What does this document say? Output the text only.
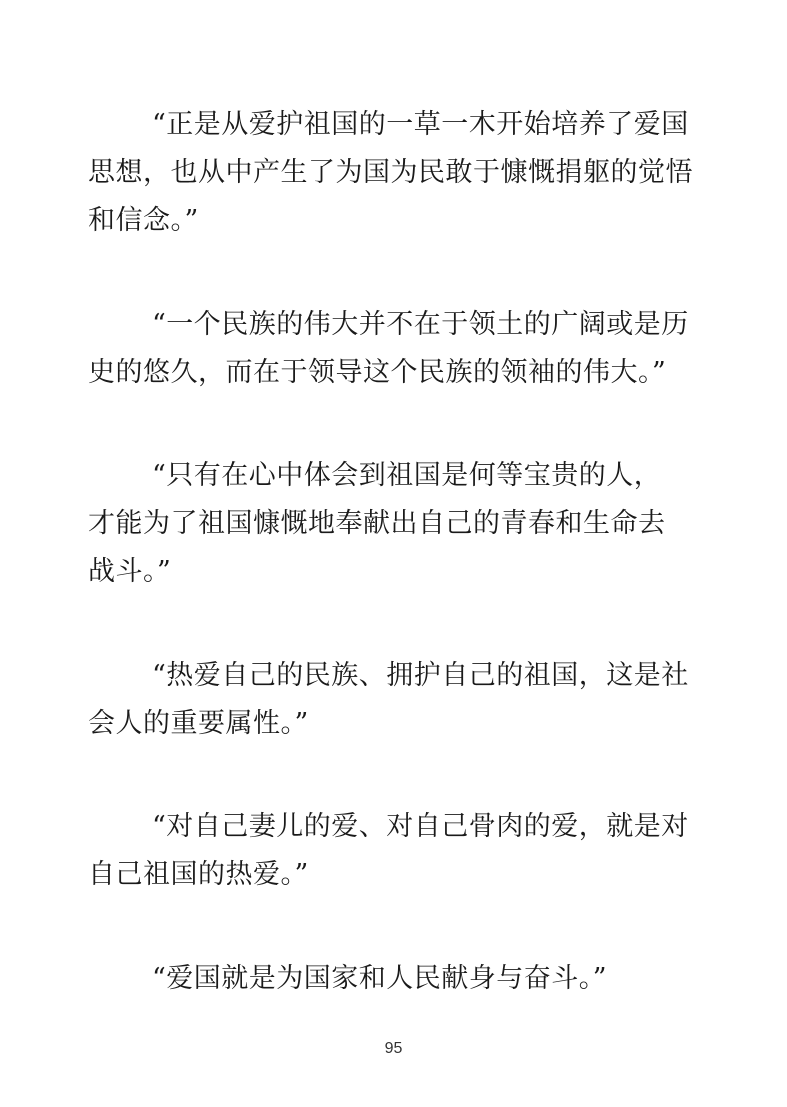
“正是从爱护祖国的一草一木开始培养了爱国
思想，也从中产生了为国为民敢于慷慨捐躯的觉悟
和信念。”

“一个民族的伟大并不在于领土的广阔或是历
史的悠久，而在于领导这个民族的领袖的伟大。”

“只有在心中体会到祖国是何等宝贵的人，
才能为了祖国慷慨地奉献出自己的青春和生命去
战斗。”

“热爱自己的民族、拥护自己的祖国，这是社
会人的重要属性。”

“对自己妻儿的爱、对自己骨肉的爱，就是对
自己祖国的热爱。”

“爱国就是为国家和人民献身与奋斗。”

95
